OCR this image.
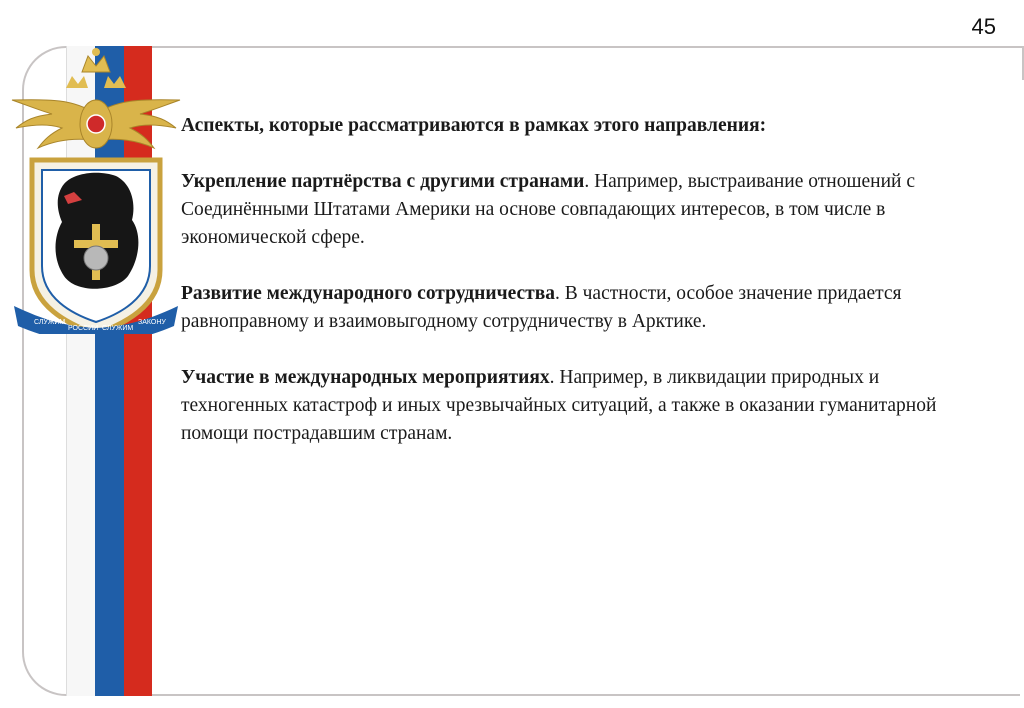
45
СЛУЖИМ
РОССИИ СЛУЖИМ
ЗАКОНУ

Аспекты, которые рассматриваются в рамках этого направления:

Укрепление партнёрства с другими странами. Например, выстраивание отношений с Соединёнными Штатами Америки на основе совпадающих интересов, в том числе в экономической сфере.

Развитие международного сотрудничества. В частности, особое значение придается равноправному и взаимовыгодному сотрудничеству в Арктике.

Участие в международных мероприятиях. Например, в ликвидации природных и техногенных катастроф и иных чрезвычайных ситуаций, а также в оказании гуманитарной помощи пострадавшим странам.
